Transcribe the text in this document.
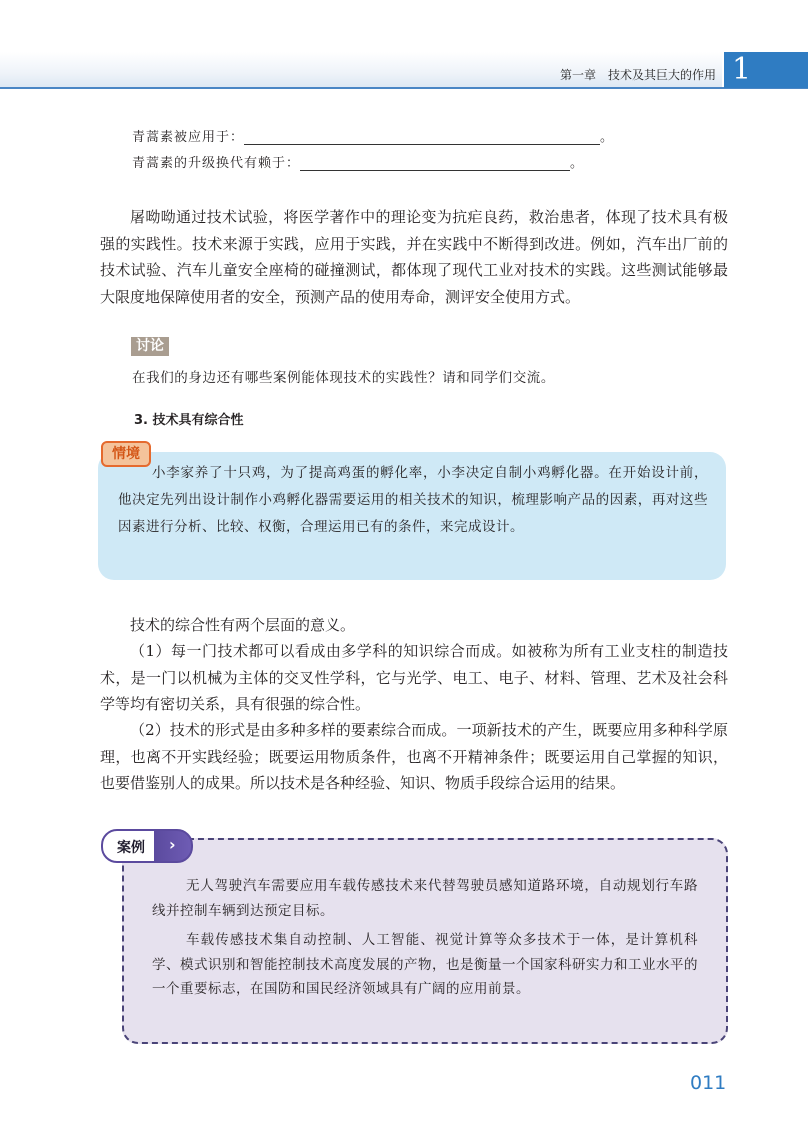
第一章　技术及其巨大的作用 1
青蒿素被应用于：	。
青蒿素的升级换代有赖于：	。

屠呦呦通过技术试验，将医学著作中的理论变为抗疟良药，救治患者，体现了技术具有极强的实践性。技术来源于实践，应用于实践，并在实践中不断得到改进。例如，汽车出厂前的技术试验、汽车儿童安全座椅的碰撞测试，都体现了现代工业对技术的实践。这些测试能够最大限度地保障使用者的安全，预测产品的使用寿命，测评安全使用方式。

讨论
在我们的身边还有哪些案例能体现技术的实践性？请和同学们交流。
3. 技术具有综合性
情境

小李家养了十只鸡，为了提高鸡蛋的孵化率，小李决定自制小鸡孵化器。在开始设计前，他决定先列出设计制作小鸡孵化器需要运用的相关技术的知识，梳理影响产品的因素，再对这些因素进行分析、比较、权衡，合理运用已有的条件，来完成设计。

技术的综合性有两个层面的意义。

（1）每一门技术都可以看成由多学科的知识综合而成。如被称为所有工业支柱的制造技术，是一门以机械为主体的交叉性学科，它与光学、电工、电子、材料、管理、艺术及社会科学等均有密切关系，具有很强的综合性。

（2）技术的形式是由多种多样的要素综合而成。一项新技术的产生，既要应用多种科学原理，也离不开实践经验；既要运用物质条件，也离不开精神条件；既要运用自己掌握的知识，也要借鉴别人的成果。所以技术是各种经验、知识、物质手段综合运用的结果。

案例 ›

无人驾驶汽车需要应用车载传感技术来代替驾驶员感知道路环境，自动规划行车路线并控制车辆到达预定目标。

车载传感技术集自动控制、人工智能、视觉计算等众多技术于一体，是计算机科学、模式识别和智能控制技术高度发展的产物，也是衡量一个国家科研实力和工业水平的一个重要标志，在国防和国民经济领域具有广阔的应用前景。

011
